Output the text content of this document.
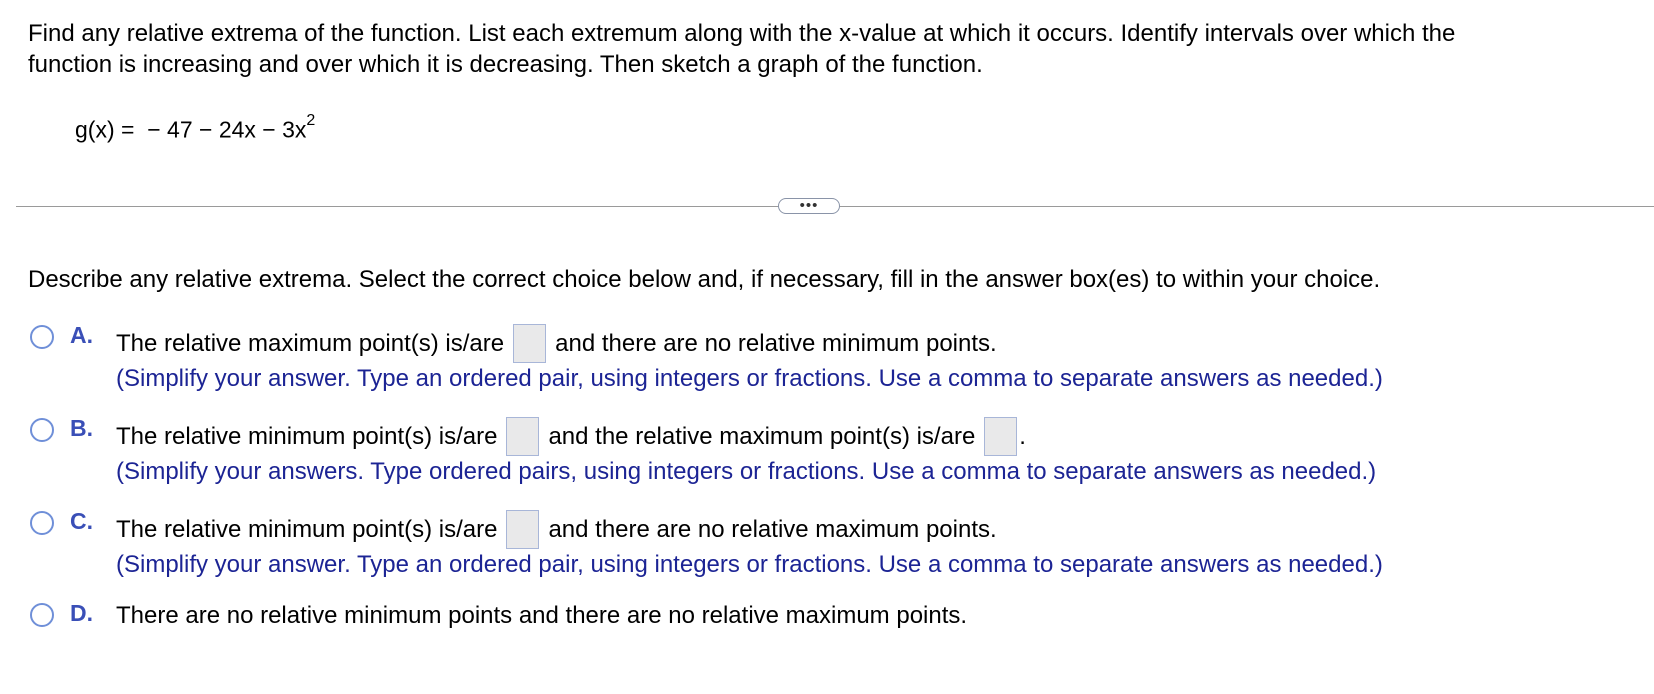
Find any relative extrema of the function. List each extremum along with the x-value at which it occurs. Identify intervals over which the
function is increasing and over which it is decreasing. Then sketch a graph of the function.

g(x) =  − $47 - 24x - 3x^2$
•••
Describe any relative extrema. Select the correct choice below and, if necessary, fill in the answer box(es) to within your choice.
A. The relative maximum point(s) is/are and there are no relative minimum points.
(Simplify your answer. Type an ordered pair, using integers or fractions. Use a comma to separate answers as needed.)
B. The relative minimum point(s) is/are and the relative maximum point(s) is/are .
(Simplify your answers. Type ordered pairs, using integers or fractions. Use a comma to separate answers as needed.)
C. The relative minimum point(s) is/are and there are no relative maximum points.
(Simplify your answer. Type an ordered pair, using integers or fractions. Use a comma to separate answers as needed.)
D. There are no relative minimum points and there are no relative maximum points.
